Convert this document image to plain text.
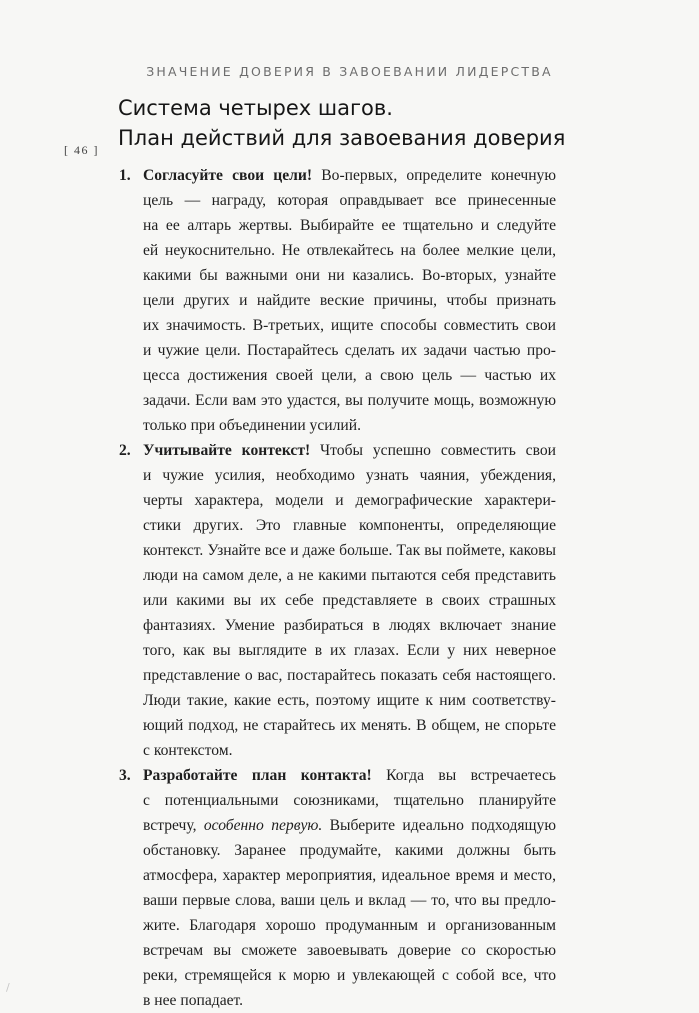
ЗНАЧЕНИЕ ДОВЕРИЯ В ЗАВОЕВАНИИ ЛИДЕРСТВА
[ 46 ]
Система четырех шагов.
План действий для завоевания доверия
1. Согласуйте свои цели! Во-первых, определите конечную
цель — награду, которая оправдывает все принесенные
на ее алтарь жертвы. Выбирайте ее тщательно и следуйте
ей неукоснительно. Не отвлекайтесь на более мелкие цели,
какими бы важными они ни казались. Во-вторых, узнайте
цели других и найдите веские причины, чтобы признать
их значимость. В-третьих, ищите способы совместить свои
и чужие цели. Постарайтесь сделать их задачи частью про-
цесса достижения своей цели, а свою цель — частью их
задачи. Если вам это удастся, вы получите мощь, возможную
только при объединении усилий.
2. Учитывайте контекст! Чтобы успешно совместить свои
и чужие усилия, необходимо узнать чаяния, убеждения,
черты характера, модели и демографические характери-
стики других. Это главные компоненты, определяющие
контекст. Узнайте все и даже больше. Так вы поймете, каковы
люди на самом деле, а не какими пытаются себя представить
или какими вы их себе представляете в своих страшных
фантазиях. Умение разбираться в людях включает знание
того, как вы выглядите в их глазах. Если у них неверное
представление о вас, постарайтесь показать себя настоящего.
Люди такие, какие есть, поэтому ищите к ним соответству-
ющий подход, не старайтесь их менять. В общем, не спорьте
с контекстом.
3. Разработайте план контакта! Когда вы встречаетесь
с потенциальными союзниками, тщательно планируйте
встречу, особенно первую. Выберите идеально подходящую
обстановку. Заранее продумайте, какими должны быть
атмосфера, характер мероприятия, идеальное время и место,
ваши первые слова, ваши цель и вклад — то, что вы предло-
жите. Благодаря хорошо продуманным и организованным
встречам вы сможете завоевывать доверие со скоростью
реки, стремящейся к морю и увлекающей с собой все, что
в нее попадает.
/
